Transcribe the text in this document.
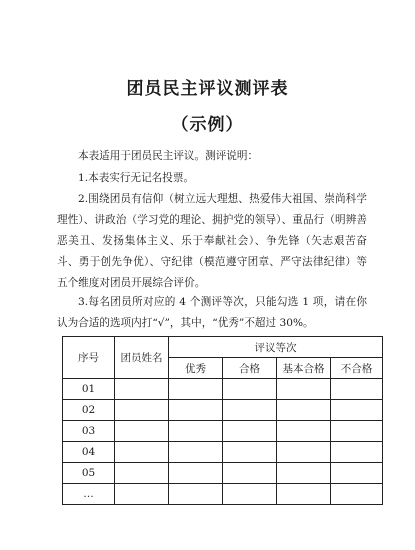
团员民主评议测评表
（示例）

本表适用于团员民主评议。测评说明：

1.本表实行无记名投票。

2.围绕团员有信仰（树立远大理想、热爱伟大祖国、崇尚科学理性）、讲政治（学习党的理论、拥护党的领导）、重品行（明辨善恶美丑、发扬集体主义、乐于奉献社会）、争先锋（矢志艰苦奋斗、勇于创先争优）、守纪律（模范遵守团章、严守法律纪律）等五个维度对团员开展综合评价。

3.每名团员所对应的 4 个测评等次，只能勾选 1 项，请在你认为合适的选项内打“√”，其中，“优秀”不超过 30%。

序号	团员姓名	评议等次			
		优秀	合格	基本合格	不合格
01					
02					
03					
04					
05					
…					
